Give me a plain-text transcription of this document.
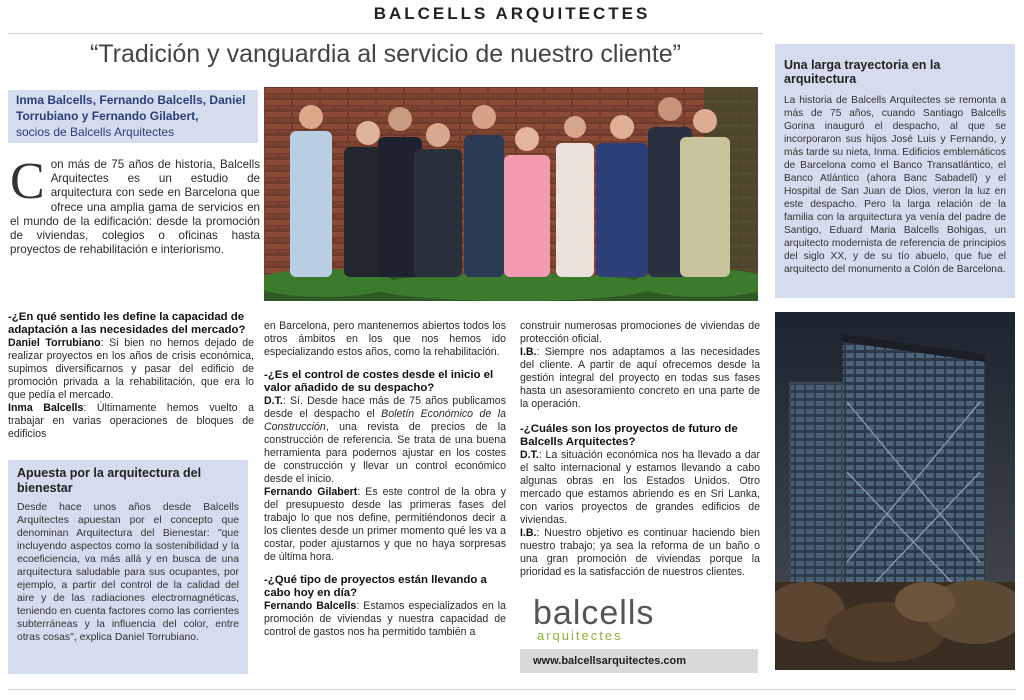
BALCELLS ARQUITECTES
“Tradición y vanguardia al servicio de nuestro cliente”
Inma Balcells, Fernando Balcells, Daniel Torrubiano y Fernando Gilabert,
socios de Balcells Arquitectes
C on más de 75 años de historia, Balcells Arquitectes es un estudio de arquitectura con sede en Barcelona que ofrece una amplia gama de servicios en el mundo de la edificación: desde la promoción de viviendas, colegios o oficinas hasta proyectos de rehabilitación e interiorismo.

-¿En qué sentido les define la capacidad de adaptación a las necesidades del mercado?

Daniel Torrubiano: Si bien no hemos dejado de realizar proyectos en los años de crisis económica, supimos diversificarnos y pasar del edificio de promoción privada a la rehabilitación, que era lo que pedía el mercado.

Inma Balcells: Últimamente hemos vuelto a trabajar en varias operaciones de bloques de edificios

Apuesta por la arquitectura del bienestar
Desde hace unos años desde Balcells Arquitectes apuestan por el concepto que denominan Arquitectura del Bienestar: "que incluyendo aspectos como la sostenibilidad y la ecoeficiencia, va más allá y en busca de una arquitectura saludable para sus ocupantes, por ejemplo, a partir del control de la calidad del aire y de las radiaciones electromagnéticas, teniendo en cuenta factores como las corrientes subterráneas y la influencia del color, entre otras cosas", explica Daniel Torrubiano.

en Barcelona, pero mantenemos abiertos todos los otros ámbitos en los que nos hemos ido especializando estos años, como la rehabilitación.

-¿Es el control de costes desde el inicio el valor añadido de su despacho?

D.T.: Sí. Desde hace más de 75 años publicamos desde el despacho el Boletín Económico de la Construcción, una revista de precios de la construcción de referencia. Se trata de una buena herramienta para podernos ajustar en los costes de construcción y llevar un control económico desde el inicio.

Fernando Gilabert: Es este control de la obra y del presupuesto desde las primeras fases del trabajo lo que nos define, permitiéndonos decir a los clientes desde un primer momento qué les va a costar, poder ajustarnos y que no haya sorpresas de última hora.

-¿Qué tipo de proyectos están llevando a cabo hoy en día?

Fernando Balcells: Estamos especializados en la promoción de viviendas y nuestra capacidad de control de gastos nos ha permitido también a

construir numerosas promociones de viviendas de protección oficial.

I.B.: Siempre nos adaptamos a las necesidades del cliente. A partir de aquí ofrecemos desde la gestión integral del proyecto en todas sus fases hasta un asesoramiento concreto en una parte de la operación.

-¿Cuáles son los proyectos de futuro de Balcells Arquitectes?

D.T.: La situación económica nos ha llevado a dar el salto internacional y estamos llevando a cabo algunas obras en los Estados Unidos. Otro mercado que estamos abriendo es en Sri Lanka, con varios proyectos de grandes edificios de viviendas.

I.B.: Nuestro objetivo es continuar haciendo bien nuestro trabajo; ya sea la reforma de un baño o una gran promoción de viviendas porque la prioridad es la satisfacción de nuestros clientes.

balcells
arquitectes
www.balcellsarquitectes.com
Una larga trayectoria en la arquitectura
La historia de Balcells Arquitectes se remonta a más de 75 años, cuando Santiago Balcells Gorina inauguró el despacho, al que se incorporaron sus hijos José Luis y Fernando, y más tarde su nieta, Inma. Edificios emblemáticos de Barcelona como el Banco Transatlántico, el Banco Atlántico (ahora Banc Sabadell) y el Hospital de San Juan de Dios, vieron la luz en este despacho. Pero la larga relación de la familia con la arquitectura ya venía del padre de Santigo, Eduard Maria Balcells Bohigas, un arquitecto modernista de referencia de principios del siglo XX, y de su tío abuelo, que fue el arquitecto del monumento a Colón de Barcelona.
